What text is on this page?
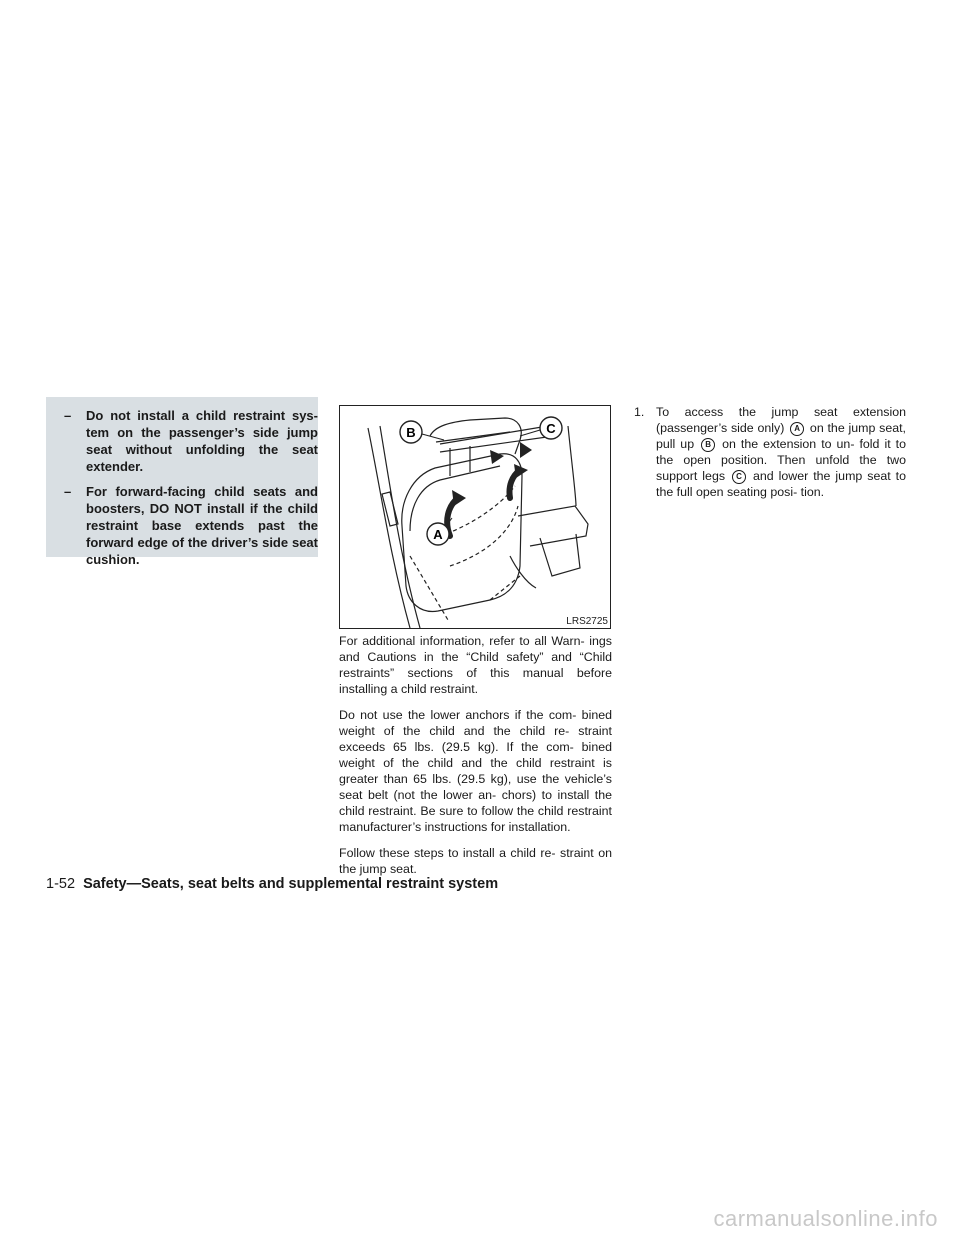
– Do not install a child restraint sys- tem on the passenger’s side jump seat without unfolding the seat extender.
– For forward-facing child seats and boosters, DO NOT install if the child restraint base extends past the forward edge of the driver’s side seat cushion.
B	C
A
LRS2725

For additional information, refer to all Warn- ings and Cautions in the “Child safety” and “Child restraints” sections of this manual before installing a child restraint.

Do not use the lower anchors if the com- bined weight of the child and the child re- straint exceeds 65 lbs. (29.5 kg). If the com- bined weight of the child and the child restraint is greater than 65 lbs. (29.5 kg), use the vehicle’s seat belt (not the lower an- chors) to install the child restraint. Be sure to follow the child restraint manufacturer’s instructions for installation.

Follow these steps to install a child re- straint on the jump seat.

1. To access the jump seat extension (passenger’s side only) A on the jump seat, pull up B on the extension to un- fold it to the open position. Then unfold the two support legs C and lower the jump seat to the full open seating posi- tion.
1-52 Safety—Seats, seat belts and supplemental restraint system
carmanualsonline.info
